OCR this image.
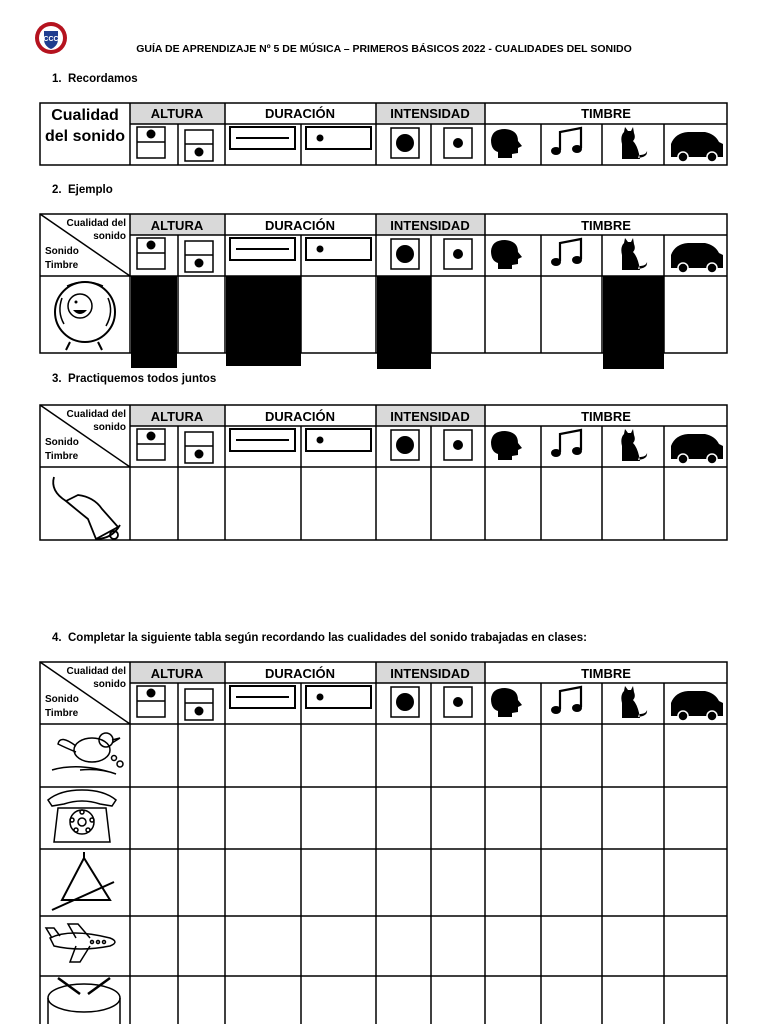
CCC
GUÍA DE APRENDIZAJE Nº 5 DE MÚSICA – PRIMEROS BÁSICOS 2022 - CUALIDADES DEL SONIDO
1. Recordamos
2. Ejemplo
3. Practiquemos todos juntos
4. Completar la siguiente tabla según recordando las cualidades del sonido trabajadas en clases:
Cualidad
del sonido
ALTURA	DURACIÓN	INTENSIDAD	TIMBRE
Cualidad del
sonido
Sonido
Timbre
ALTURA	DURACIÓN	INTENSIDAD	TIMBRE
Cualidad del
sonido
Sonido
Timbre
ALTURA	DURACIÓN	INTENSIDAD	TIMBRE
Cualidad del
sonido
Sonido
Timbre
ALTURA	DURACIÓN	INTENSIDAD	TIMBRE
